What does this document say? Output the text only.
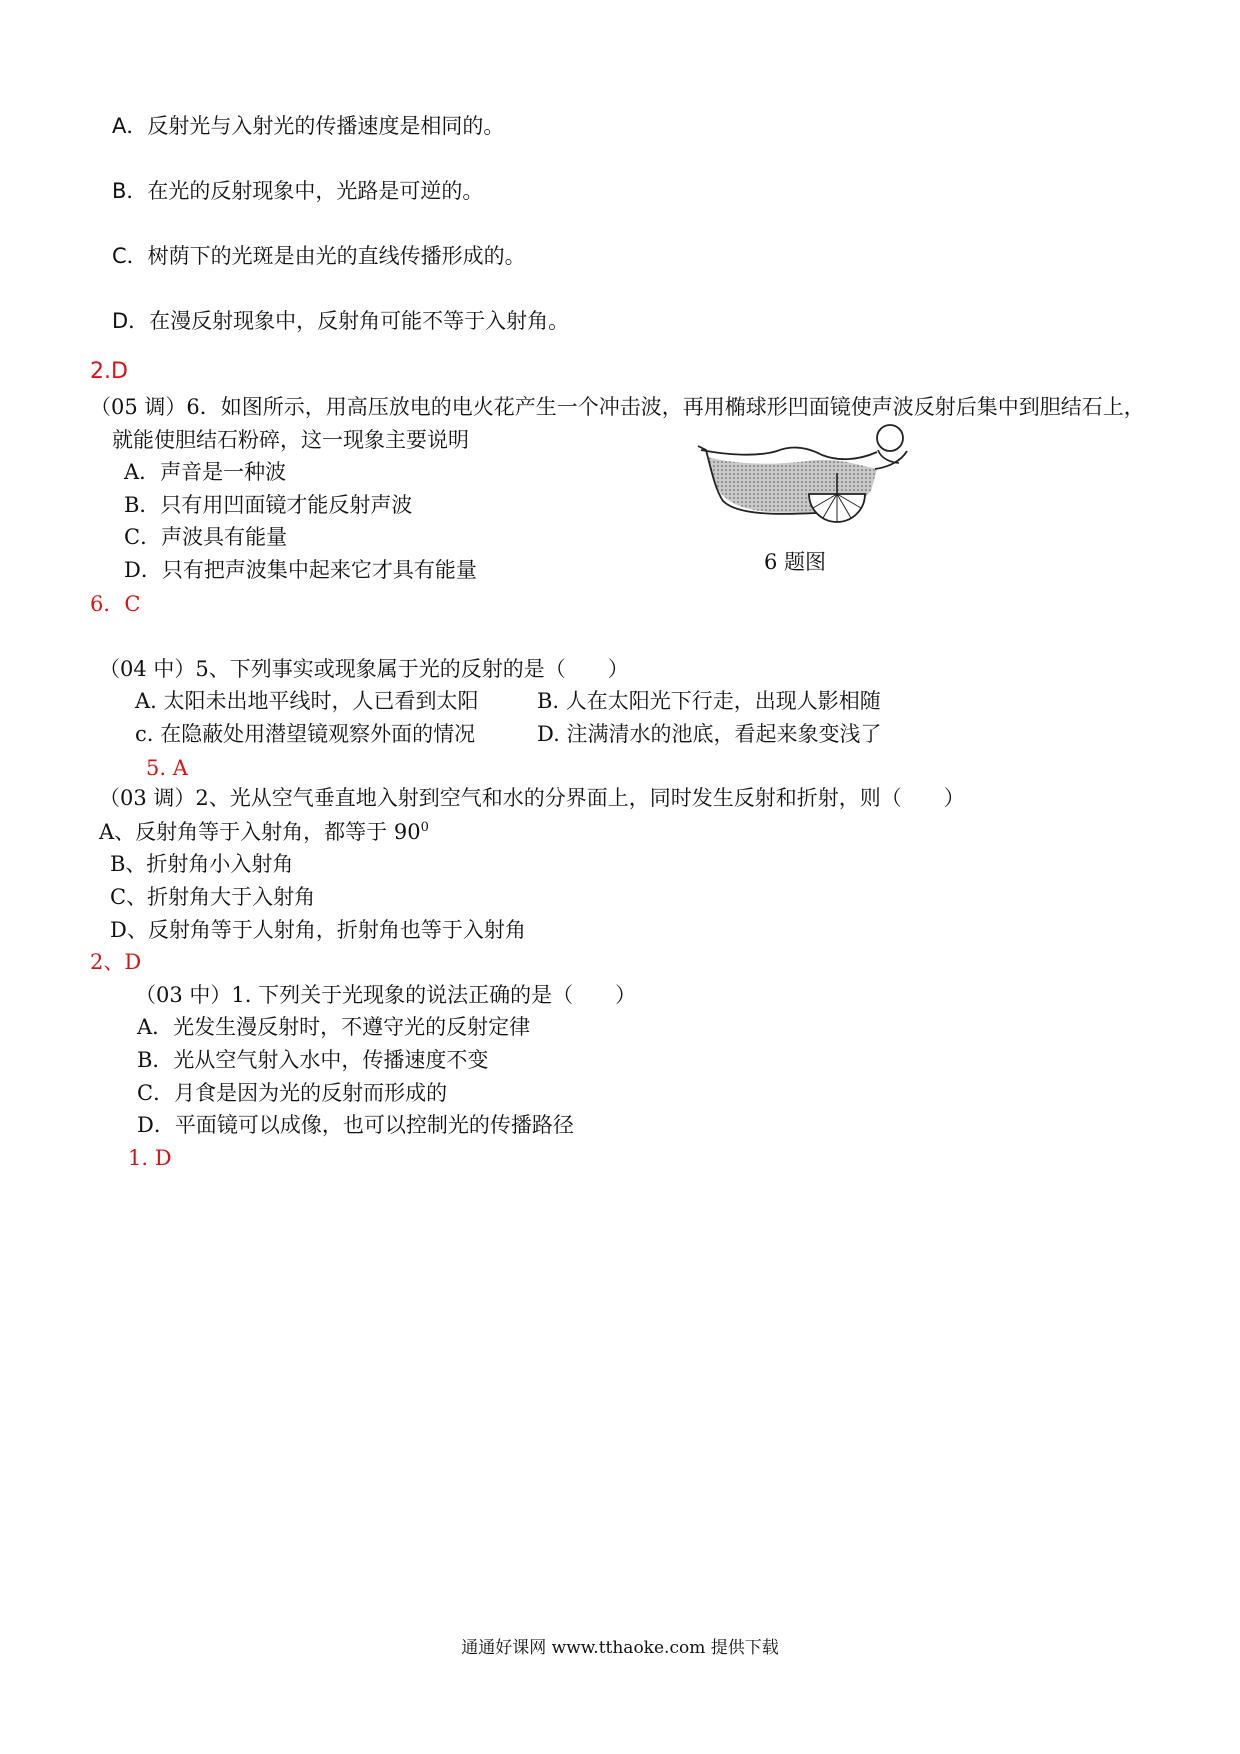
A．反射光与入射光的传播速度是相同的。
B．在光的反射现象中，光路是可逆的。
C．树荫下的光斑是由光的直线传播形成的。
D．在漫反射现象中，反射角可能不等于入射角。
2.D
（05 调）6．如图所示，用高压放电的电火花产生一个冲击波，再用椭球形凹面镜使声波反射后集中到胆结石上，
就能使胆结石粉碎，这一现象主要说明
A．声音是一种波
B．只有用凹面镜才能反射声波
C．声波具有能量
D．只有把声波集中起来它才具有能量	6 题图
6．C
（04 中）5、下列事实或现象属于光的反射的是（　　）
A. 太阳未出地平线时，人已看到太阳	B. 人在太阳光下行走，出现人影相随
c. 在隐蔽处用潜望镜观察外面的情况	D. 注满清水的池底，看起来象变浅了
5. A
（03 调）2、光从空气垂直地入射到空气和水的分界面上，同时发生反射和折射，则（　　）
A、反射角等于入射角，都等于 $90^0$
B、折射角小入射角
C、折射角大于入射角
D、反射角等于人射角，折射角也等于入射角
2、D
（03 中）1. 下列关于光现象的说法正确的是（　　）
A．光发生漫反射时，不遵守光的反射定律
B．光从空气射入水中，传播速度不变
C．月食是因为光的反射而形成的
D．平面镜可以成像，也可以控制光的传播路径
1. D
通通好课网 www.tthaoke.com 提供下载
